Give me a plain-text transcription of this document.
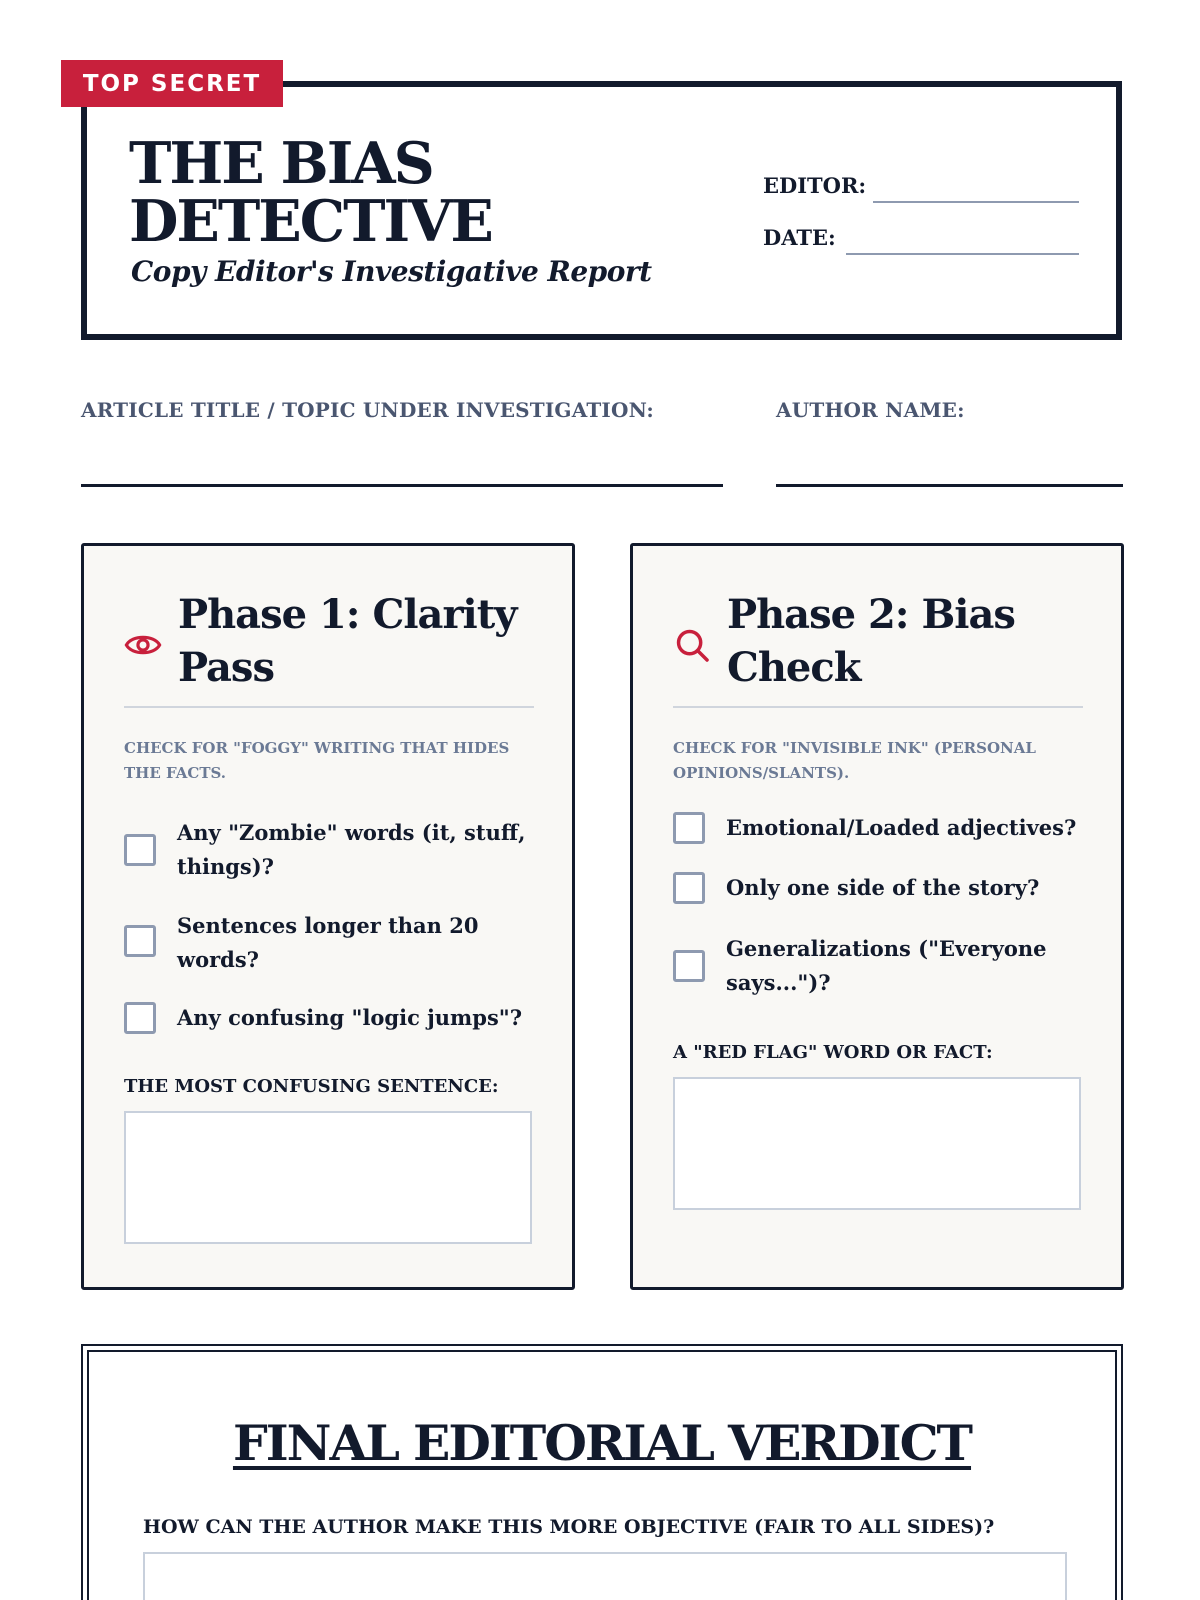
TOP SECRET
THE BIAS
DETECTIVE
Copy Editor's Investigative Report
EDITOR:
DATE:
ARTICLE TITLE / TOPIC UNDER INVESTIGATION:	AUTHOR NAME:
Phase 1: Clarity Pass
CHECK FOR "FOGGY" WRITING THAT HIDES THE FACTS.
Any "Zombie" words (it, stuff, things)?
Sentences longer than 20 words?
Any confusing "logic jumps"?
THE MOST CONFUSING SENTENCE:
Phase 2: Bias Check
CHECK FOR "INVISIBLE INK" (PERSONAL OPINIONS/SLANTS).
Emotional/Loaded adjectives?
Only one side of the story?
Generalizations ("Everyone says...")?
A "RED FLAG" WORD OR FACT:
FINAL EDITORIAL VERDICT
HOW CAN THE AUTHOR MAKE THIS MORE OBJECTIVE (FAIR TO ALL SIDES)?
